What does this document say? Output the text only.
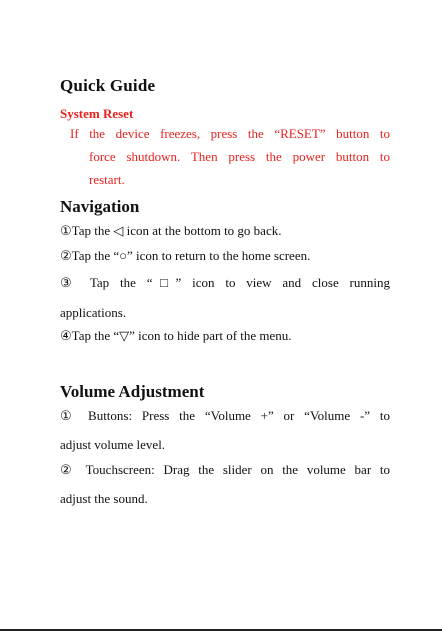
Quick Guide
System Reset
If the device freezes, press the “RESET” button to
force shutdown. Then press the power button to
restart.
Navigation
①Tap the ◁ icon at the bottom to go back.
②Tap the “○” icon to return to the home screen.
③ Tap the “□” icon to view and close running
applications.
④Tap the “▽” icon to hide part of the menu.
Volume Adjustment
① Buttons: Press the “Volume +” or “Volume -” to
adjust volume level.
② Touchscreen: Drag the slider on the volume bar to
adjust the sound.
